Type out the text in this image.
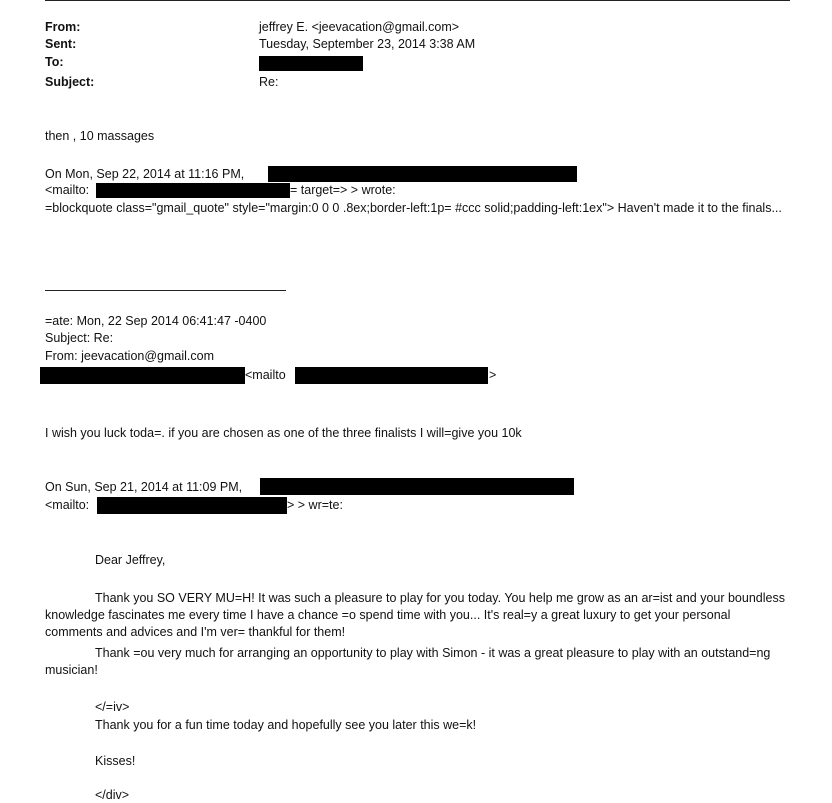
From:	jeffrey E. <jeevacation@gmail.com>
Sent:	Tuesday, September 23, 2014 3:38 AM
To:
Subject:	Re:
then , 10 massages
On Mon, Sep 22, 2014 at 11:16 PM,
<mailto:	= target=> > wrote:
=blockquote class="gmail_quote" style="margin:0 0 0 .8ex;border-left:1p= #ccc solid;padding-left:1ex"> Haven't made it to the finals...
=ate: Mon, 22 Sep 2014 06:41:47 -0400
Subject: Re:
From: jeevacation@gmail.com
<mailto	>
I wish you luck toda=. if you are chosen as one of the three finalists I will=give you 10k
On Sun, Sep 21, 2014 at 11:09 PM,
<mailto:	> > wr=te:
Dear Jeffrey,

Thank you SO VERY MU=H! It was such a pleasure to play for you today. You help me grow as an ar=ist and your boundless knowledge fascinates me every time I have a chance =o spend time with you... It's real=y a great luxury to get your personal comments and advices and I'm ver= thankful for them!

Thank =ou very much for arranging an opportunity to play with Simon - it was a great pleasure to play with an outstand=ng musician!

</=iv>
Thank you for a fun time today and hopefully see you later this we=k!
Kisses!
</div>
